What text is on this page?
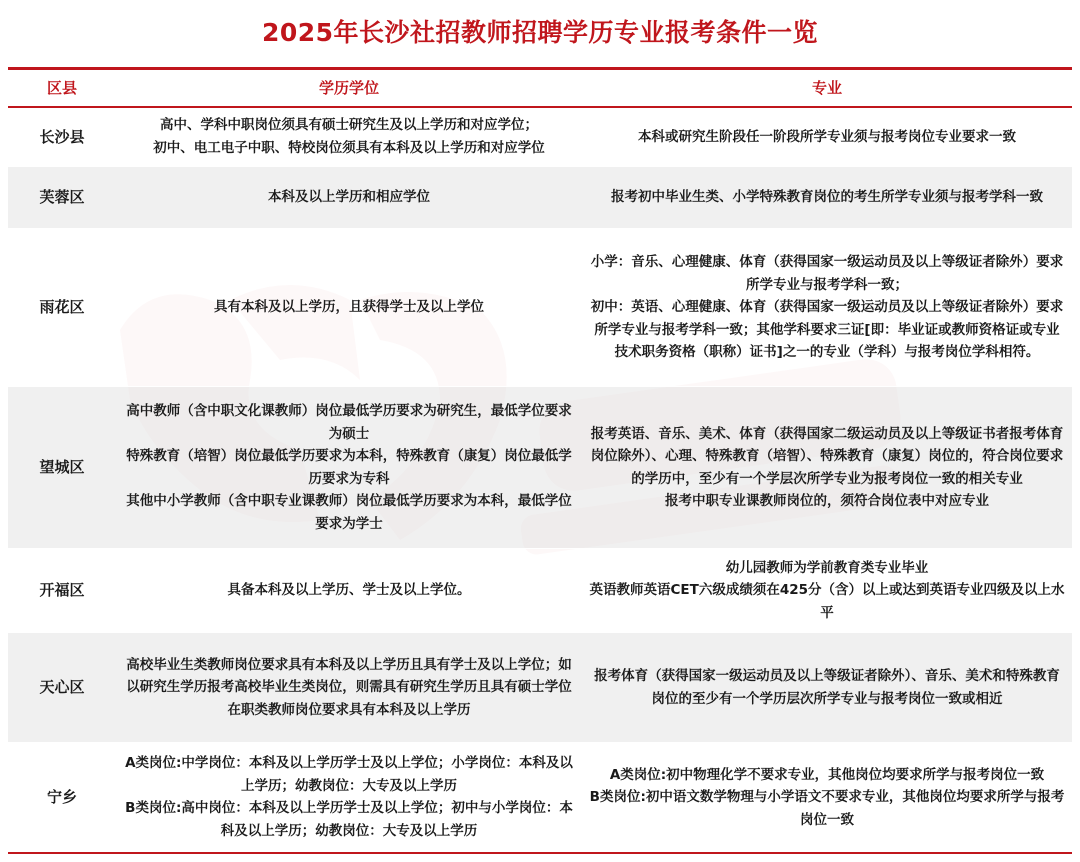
2025年长沙社招教师招聘学历专业报考条件一览
区县	学历学位	专业
长沙县	高中、学科中职岗位须具有硕士研究生及以上学历和对应学位；
初中、电工电子中职、特校岗位须具有本科及以上学历和对应学位	本科或研究生阶段任一阶段所学专业须与报考岗位专业要求一致

芙蓉区	本科及以上学历和相应学位	报考初中毕业生类、小学特殊教育岗位的考生所学专业须与报考学科一致

雨花区	具有本科及以上学历，且获得学士及以上学位	小学：音乐、心理健康、体育（获得国家一级运动员及以上等级证者除外）要求所学专业与报考学科一致；
初中：英语、心理健康、体育（获得国家一级运动员及以上等级证者除外）要求所学专业与报考学科一致；其他学科要求三证[即：毕业证或教师资格证或专业技术职务资格（职称）证书]之一的专业（学科）与报考岗位学科相符。

望城区	高中教师（含中职文化课教师）岗位最低学历要求为研究生，最低学位要求为硕士
特殊教育（培智）岗位最低学历要求为本科，特殊教育（康复）岗位最低学历要求为专科
其他中小学教师（含中职专业课教师）岗位最低学历要求为本科，最低学位要求为学士	报考英语、音乐、美术、体育（获得国家二级运动员及以上等级证书者报考体育岗位除外）、心理、特殊教育（培智）、特殊教育（康复）岗位的，符合岗位要求的学历中，至少有一个学层次所学专业为报考岗位一致的相关专业
报考中职专业课教师岗位的，须符合岗位表中对应专业

开福区	具备本科及以上学历、学士及以上学位。	幼儿园教师为学前教育类专业毕业
英语教师英语CET六级成绩须在425分（含）以上或达到英语专业四级及以上水平

天心区	高校毕业生类教师岗位要求具有本科及以上学历且具有学士及以上学位；如以研究生学历报考高校毕业生类岗位，则需具有研究生学历且具有硕士学位
在职类教师岗位要求具有本科及以上学历	报考体育（获得国家一级运动员及以上等级证者除外）、音乐、美术和特殊教育岗位的至少有一个学历层次所学专业与报考岗位一致或相近

宁乡	A类岗位:中学岗位：本科及以上学历学士及以上学位；小学岗位：本科及以上学历；幼教岗位：大专及以上学历
B类岗位:高中岗位：本科及以上学历学士及以上学位；初中与小学岗位：本科及以上学历；幼教岗位：大专及以上学历	A类岗位:初中物理化学不要求专业，其他岗位均要求所学与报考岗位一致
B类岗位:初中语文数学物理与小学语文不要求专业，其他岗位均要求所学与报考岗位一致
